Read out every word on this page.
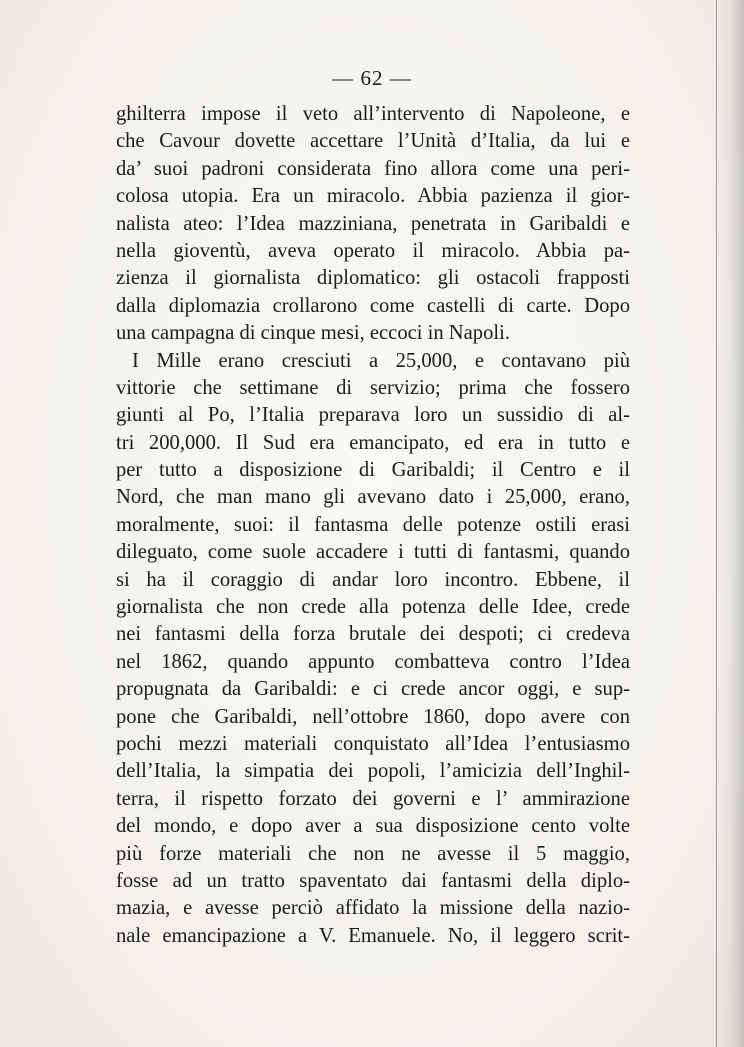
— 62 —
ghilterra impose il veto all’intervento di Napoleone, e
che Cavour dovette accettare l’Unità d’Italia, da lui e
da’ suoi padroni considerata fino allora come una peri-
colosa utopia. Era un miracolo. Abbia pazienza il gior-
nalista ateo: l’Idea mazziniana, penetrata in Garibaldi e
nella gioventù, aveva operato il miracolo. Abbia pa-
zienza il giornalista diplomatico: gli ostacoli frapposti
dalla diplomazia crollarono come castelli di carte. Dopo
una campagna di cinque mesi, eccoci in Napoli.
I Mille erano cresciuti a 25,000, e contavano più
vittorie che settimane di servizio; prima che fossero
giunti al Po, l’Italia preparava loro un sussidio di al-
tri 200,000. Il Sud era emancipato, ed era in tutto e
per tutto a disposizione di Garibaldi; il Centro e il
Nord, che man mano gli avevano dato i 25,000, erano,
moralmente, suoi: il fantasma delle potenze ostili erasi
dileguato, come suole accadere i tutti di fantasmi, quando
si ha il coraggio di andar loro incontro. Ebbene, il
giornalista che non crede alla potenza delle Idee, crede
nei fantasmi della forza brutale dei despoti; ci credeva
nel 1862, quando appunto combatteva contro l’Idea
propugnata da Garibaldi: e ci crede ancor oggi, e sup-
pone che Garibaldi, nell’ottobre 1860, dopo avere con
pochi mezzi materiali conquistato all’Idea l’entusiasmo
dell’Italia, la simpatia dei popoli, l’amicizia dell’Inghil-
terra, il rispetto forzato dei governi e l’ ammirazione
del mondo, e dopo aver a sua disposizione cento volte
più forze materiali che non ne avesse il 5 maggio,
fosse ad un tratto spaventato dai fantasmi della diplo-
mazia, e avesse perciò affidato la missione della nazio-
nale emancipazione a V. Emanuele. No, il leggero scrit-
